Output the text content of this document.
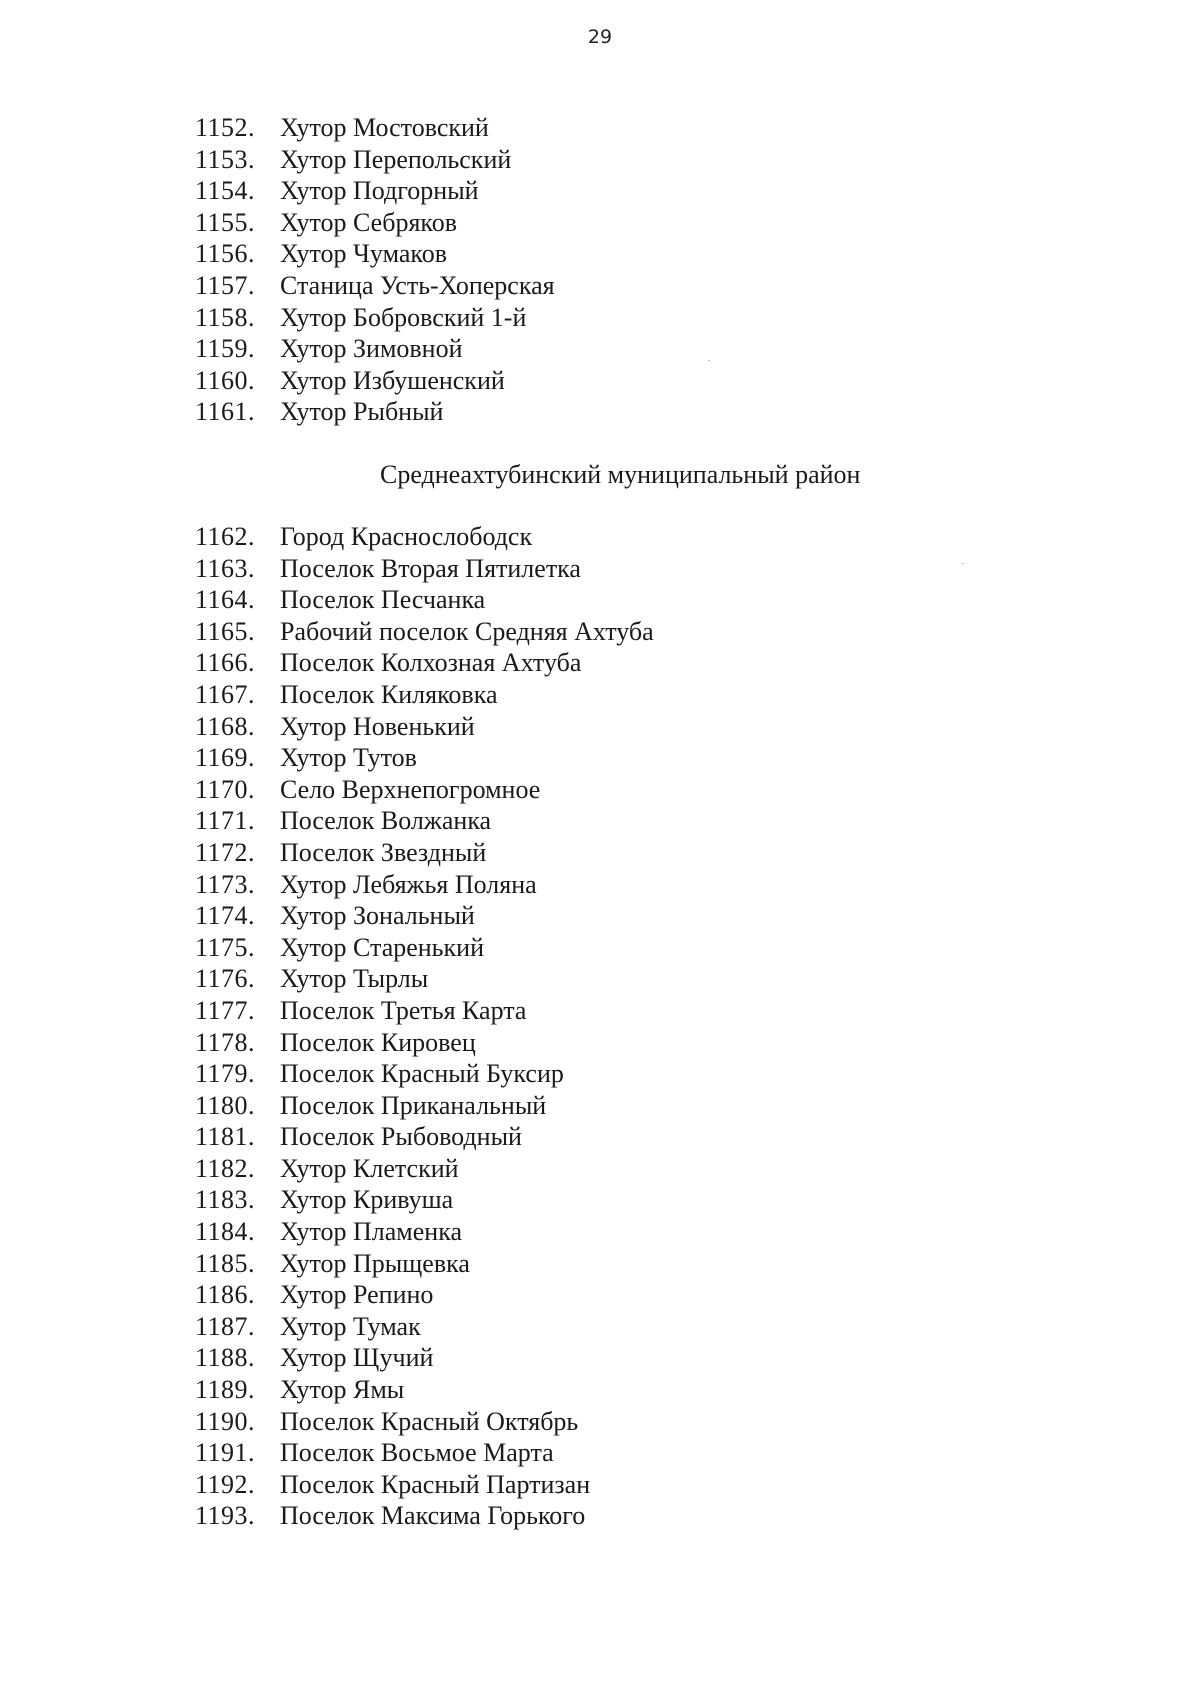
29
1152. Хутор Мостовский
1153. Хутор Перепольский
1154. Хутор Подгорный
1155. Хутор Себряков
1156. Хутор Чумаков
1157. Станица Усть-Хоперская
1158. Хутор Бобровский 1-й
1159. Хутор Зимовной
1160. Хутор Избушенский
1161. Хутор Рыбный
Среднеахтубинский муниципальный район
1162. Город Краснослободск
1163. Поселок Вторая Пятилетка
1164. Поселок Песчанка
1165. Рабочий поселок Средняя Ахтуба
1166. Поселок Колхозная Ахтуба
1167. Поселок Киляковка
1168. Хутор Новенький
1169. Хутор Тутов
1170. Село Верхнепогромное
1171. Поселок Волжанка
1172. Поселок Звездный
1173. Хутор Лебяжья Поляна
1174. Хутор Зональный
1175. Хутор Старенький
1176. Хутор Тырлы
1177. Поселок Третья Карта
1178. Поселок Кировец
1179. Поселок Красный Буксир
1180. Поселок Приканальный
1181. Поселок Рыбоводный
1182. Хутор Клетский
1183. Хутор Кривуша
1184. Хутор Пламенка
1185. Хутор Прыщевка
1186. Хутор Репино
1187. Хутор Тумак
1188. Хутор Щучий
1189. Хутор Ямы
1190. Поселок Красный Октябрь
1191. Поселок Восьмое Марта
1192. Поселок Красный Партизан
1193. Поселок Максима Горького
